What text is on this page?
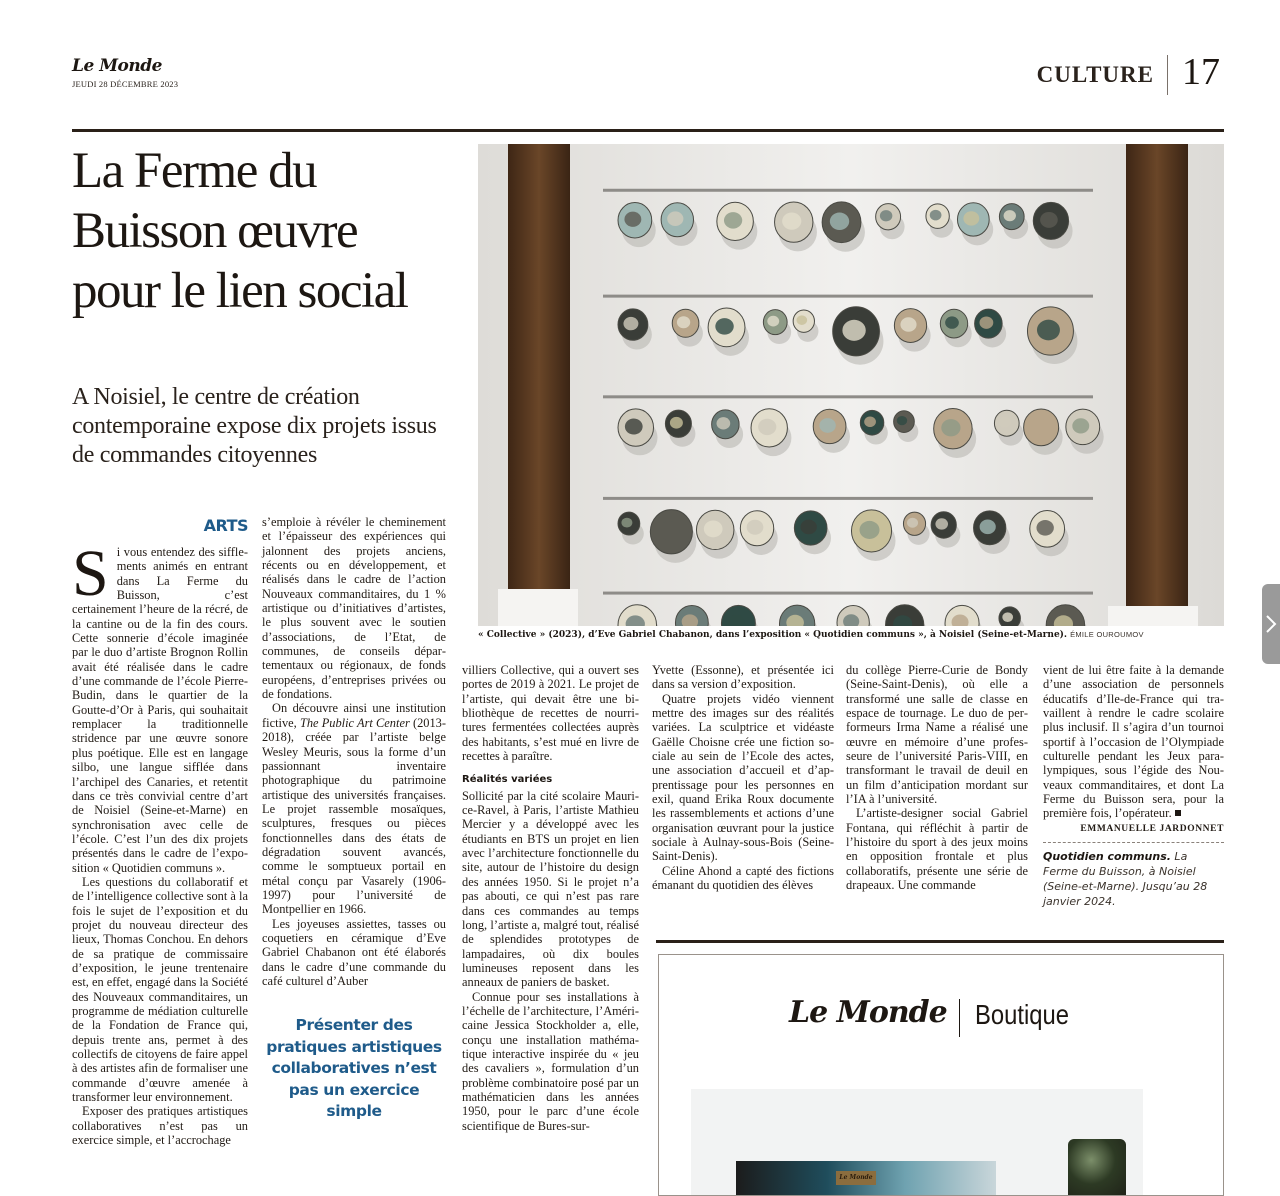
Le Monde
JEUDI 28 DÉCEMBRE 2023	CULTURE 17
La Ferme du Buisson œuvre pour le lien social
A Noisiel, le centre de création contemporaine expose dix projets issus de commandes citoyennes
« Collective » (2023), d’Eve Gabriel Chabanon, dans l’exposition « Quotidien communs », à Noisiel (Seine-et-Marne). ÉMILE OUROUMOV
ARTS

Si vous entendez des sifflements animés en entrant dans La Ferme du Buisson, c’est certainement l’heure de la récré, de la cantine ou de la fin des cours. Cette sonnerie d’école imaginée par le duo d’artiste Brognon Rollin avait été réalisée dans le cadre d’une commande de l’école Pierre-Budin, dans le quartier de la Goutte-d’Or à Paris, qui souhaitait remplacer la traditionnelle stridence par une œuvre sonore plus poétique. Elle est en langage silbo, une langue sifflée dans l’archipel des Canaries, et retentit dans ce très convivial centre d’art de Noisiel (Seine-et-Marne) en synchronisation avec celle de l’école. C’est l’un des dix projets présentés dans le cadre de l’exposition « Quotidien communs ».

Les questions du collaboratif et de l’intelligence collective sont à la fois le sujet de l’exposition et du projet du nouveau directeur des lieux, Thomas Conchou. En dehors de sa pratique de commissaire d’exposition, le jeune trentenaire est, en effet, engagé dans la Société des Nouveaux commanditaires, un programme de médiation culturelle de la Fondation de France qui, depuis trente ans, permet à des collectifs de citoyens de faire appel à des artistes afin de formaliser une commande d’œuvre amenée à transformer leur environnement.

Exposer des pratiques artistiques collaboratives n’est pas un exercice simple, et l’accrochage

s’emploie à révéler le cheminement et l’épaisseur des expériences qui jalonnent des projets anciens, récents ou en développement, et réalisés dans le cadre de l’action Nouveaux commanditaires, du 1 % artistique ou d’initiatives d’artistes, le plus souvent avec le soutien d’associations, de l’Etat, de communes, de conseils départementaux ou régionaux, de fonds européens, d’entreprises privées ou de fondations.

On découvre ainsi une institution fictive, The Public Art Center (2013-2018), créée par l’artiste belge Wesley Meuris, sous la forme d’un passionnant inventaire photographique du patrimoine artistique des universités françaises. Le projet rassemble mosaïques, sculptures, fresques ou pièces fonctionnelles dans des états de dégradation souvent avancés, comme le somptueux portail en métal conçu par Vasarely (1906-1997) pour l’université de Montpellier en 1966.

Les joyeuses assiettes, tasses ou coquetiers en céramique d’Eve Gabriel Chabanon ont été élaborés dans le cadre d’une commande du café culturel d’Auber

Présenter des pratiques artistiques collaboratives n’est pas un exercice simple

villiers Collective, qui a ouvert ses portes de 2019 à 2021. Le projet de l’artiste, qui devait être une bibliothèque de recettes de nourritures fermentées collectées auprès des habitants, s’est mué en livre de recettes à paraître.

Réalités variées

Sollicité par la cité scolaire Maurice-Ravel, à Paris, l’artiste Mathieu Mercier y a développé avec les étudiants en BTS un projet en lien avec l’architecture fonctionnelle du site, autour de l’histoire du design des années 1950. Si le projet n’a pas abouti, ce qui n’est pas rare dans ces commandes au temps long, l’artiste a, malgré tout, réalisé de splendides prototypes de lampadaires, où dix boules lumineuses reposent dans les anneaux de paniers de basket.

Connue pour ses installations à l’échelle de l’architecture, l’Américaine Jessica Stockholder a, elle, conçu une installation mathématique interactive inspirée du « jeu des cavaliers », formulation d’un problème combinatoire posé par un mathématicien dans les années 1950, pour le parc d’une école scientifique de Bures-sur-

Yvette (Essonne), et présentée ici dans sa version d’exposition.

Quatre projets vidéo viennent mettre des images sur des réalités variées. La sculptrice et vidéaste Gaëlle Choisne crée une fiction sociale au sein de l’Ecole des actes, une association d’accueil et d’apprentissage pour les personnes en exil, quand Erika Roux documente les rassemblements et actions d’une organisation œuvrant pour la justice sociale à Aulnay-sous-Bois (Seine-Saint-Denis).

Céline Ahond a capté des fictions émanant du quotidien des élèves

du collège Pierre-Curie de Bondy (Seine-Saint-Denis), où elle a transformé une salle de classe en espace de tournage. Le duo de performeurs Irma Name a réalisé une œuvre en mémoire d’une professeure de l’université Paris-VIII, en transformant le travail de deuil en un film d’anticipation mordant sur l’IA à l’université.

L’artiste-designer social Gabriel Fontana, qui réfléchit à partir de l’histoire du sport à des jeux moins en opposition frontale et plus collaboratifs, présente une série de drapeaux. Une commande

vient de lui être faite à la demande d’une association de personnels éducatifs d’Ile-de-France qui travaillent à rendre le cadre scolaire plus inclusif. Il s’agira d’un tournoi sportif à l’occasion de l’Olympiade culturelle pendant les Jeux paralympiques, sous l’égide des Nouveaux commanditaires, et dont La Ferme du Buisson sera, pour la première fois, l’opérateur.

EMMANUELLE JARDONNET
Quotidien communs. La Ferme du Buisson, à Noisiel (Seine-et-Marne). Jusqu’au 28 janvier 2024.
Le Monde Boutique
Le Monde
